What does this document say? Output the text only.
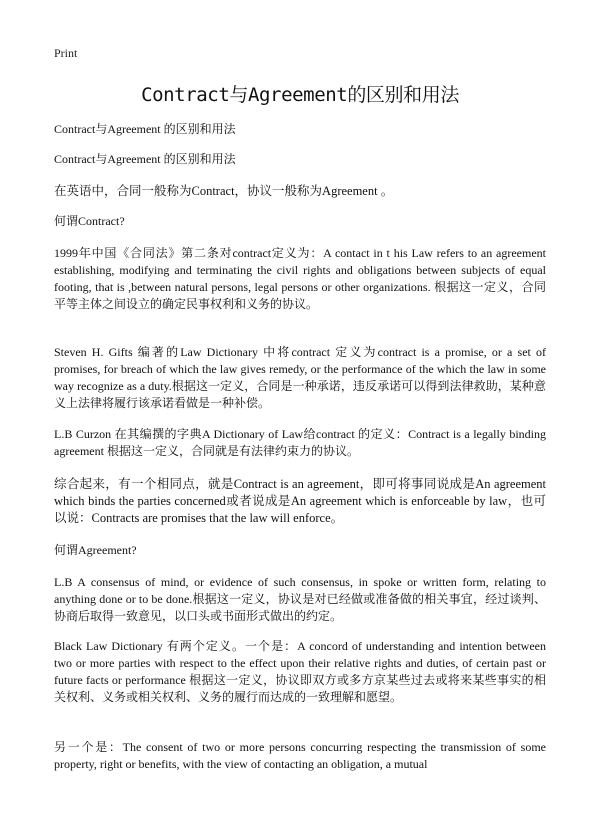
Print
Contract与Agreement的区别和用法

Contract与Agreement 的区别和用法

Contract与Agreement 的区别和用法

在英语中，合同一般称为Contract，协议一般称为Agreement 。

何谓Contract?

1999年中国《合同法》第二条对contract定义为：A contact in t his Law refers to an agreement establishing, modifying and terminating the civil rights and obligations between subjects of equal footing, that is ,between natural persons, legal persons or other organizations. 根据这一定义，合同平等主体之间设立的确定民事权利和义务的协议。

Steven H. Gifts 编著的Law Dictionary 中将contract 定义为contract is a promise, or a set of promises, for breach of which the law gives remedy, or the performance of the which the law in some way recognize as a duty.根据这一定义，合同是一种承诺，违反承诺可以得到法律救助，某种意义上法律将履行该承诺看做是一种补偿。

L.B Curzon 在其编撰的字典A Dictionary of Law给contract 的定义：Contract is a legally binding agreement 根据这一定义，合同就是有法律约束力的协议。

综合起来，有一个相同点，就是Contract is an agreement，即可将事同说成是An agreement which binds the parties concerned或者说成是An agreement which is enforceable by law，也可以说：Contracts are promises that the law will enforce。

何谓Agreement?

L.B A consensus of mind, or evidence of such consensus, in spoke or written form, relating to anything done or to be done.根据这一定义，协议是对已经做或准备做的相关事宜，经过谈判、协商后取得一致意见，以口头或书面形式做出的约定。

Black Law Dictionary 有两个定义。一个是：A concord of understanding and intention between two or more parties with respect to the effect upon their relative rights and duties, of certain past or future facts or performance 根据这一定义，协议即双方或多方京某些过去或将来某些事实的相关权利、义务或相关权利、义务的履行而达成的一致理解和愿望。

另一个是：The consent of two or more persons concurring respecting the transmission of some property, right or benefits, with the view of contacting an obligation, a mutual
